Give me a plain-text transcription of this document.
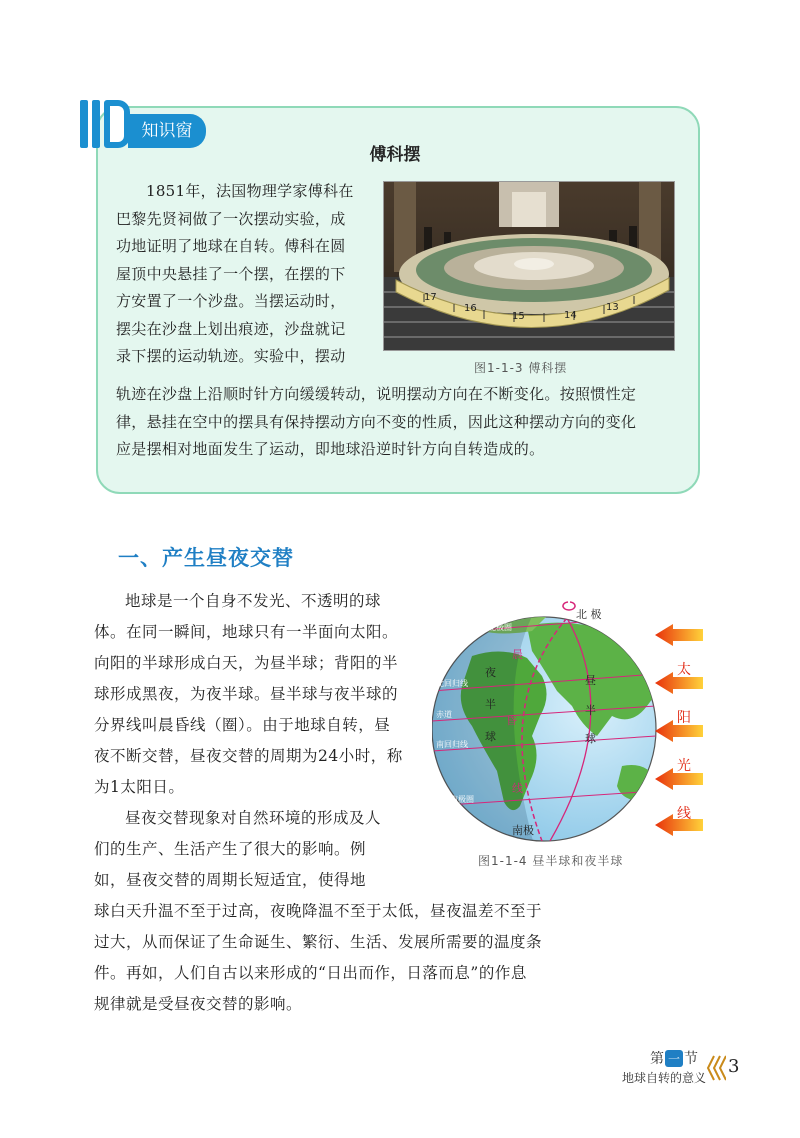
知识窗
傅科摆
1851年，法国物理学家傅科在
巴黎先贤祠做了一次摆动实验，成
功地证明了地球在自转。傅科在圆
屋顶中央悬挂了一个摆，在摆的下
方安置了一个沙盘。当摆运动时，
摆尖在沙盘上划出痕迹，沙盘就记
录下摆的运动轨迹。实验中，摆动
轨迹在沙盘上沿顺时针方向缓缓转动，说明摆动方向在不断变化。按照惯性定
律，悬挂在空中的摆具有保持摆动方向不变的性质，因此这种摆动方向的变化
应是摆相对地面发生了运动，即地球沿逆时针方向自转造成的。
17
16
15	14
13
图1-1-3 傅科摆
一、产生昼夜交替
地球是一个自身不发光、不透明的球
体。在同一瞬间，地球只有一半面向太阳。
向阳的半球形成白天，为昼半球；背阳的半
球形成黑夜，为夜半球。昼半球与夜半球的
分界线叫晨昏线（圈）。由于地球自转，昼
夜不断交替，昼夜交替的周期为24小时，称
为1太阳日。
昼夜交替现象对自然环境的形成及人
们的生产、生活产生了很大的影响。例
如，昼夜交替的周期长短适宜，使得地
球白天升温不至于过高，夜晚降温不至于太低，昼夜温差不至于
过大，从而保证了生命诞生、繁衍、生活、发展所需要的温度条
件。再如，人们自古以来形成的“日出而作，日落而息”的作息
规律就是受昼夜交替的影响。
北 极
南极
夜
半
球
昼
半
球
晨
昏
线
北极圈
北回归线
赤道
南回归线
南极圈
太
阳
光
线
图1-1-4 昼半球和夜半球
第 一 节
地球自转的意义
3
